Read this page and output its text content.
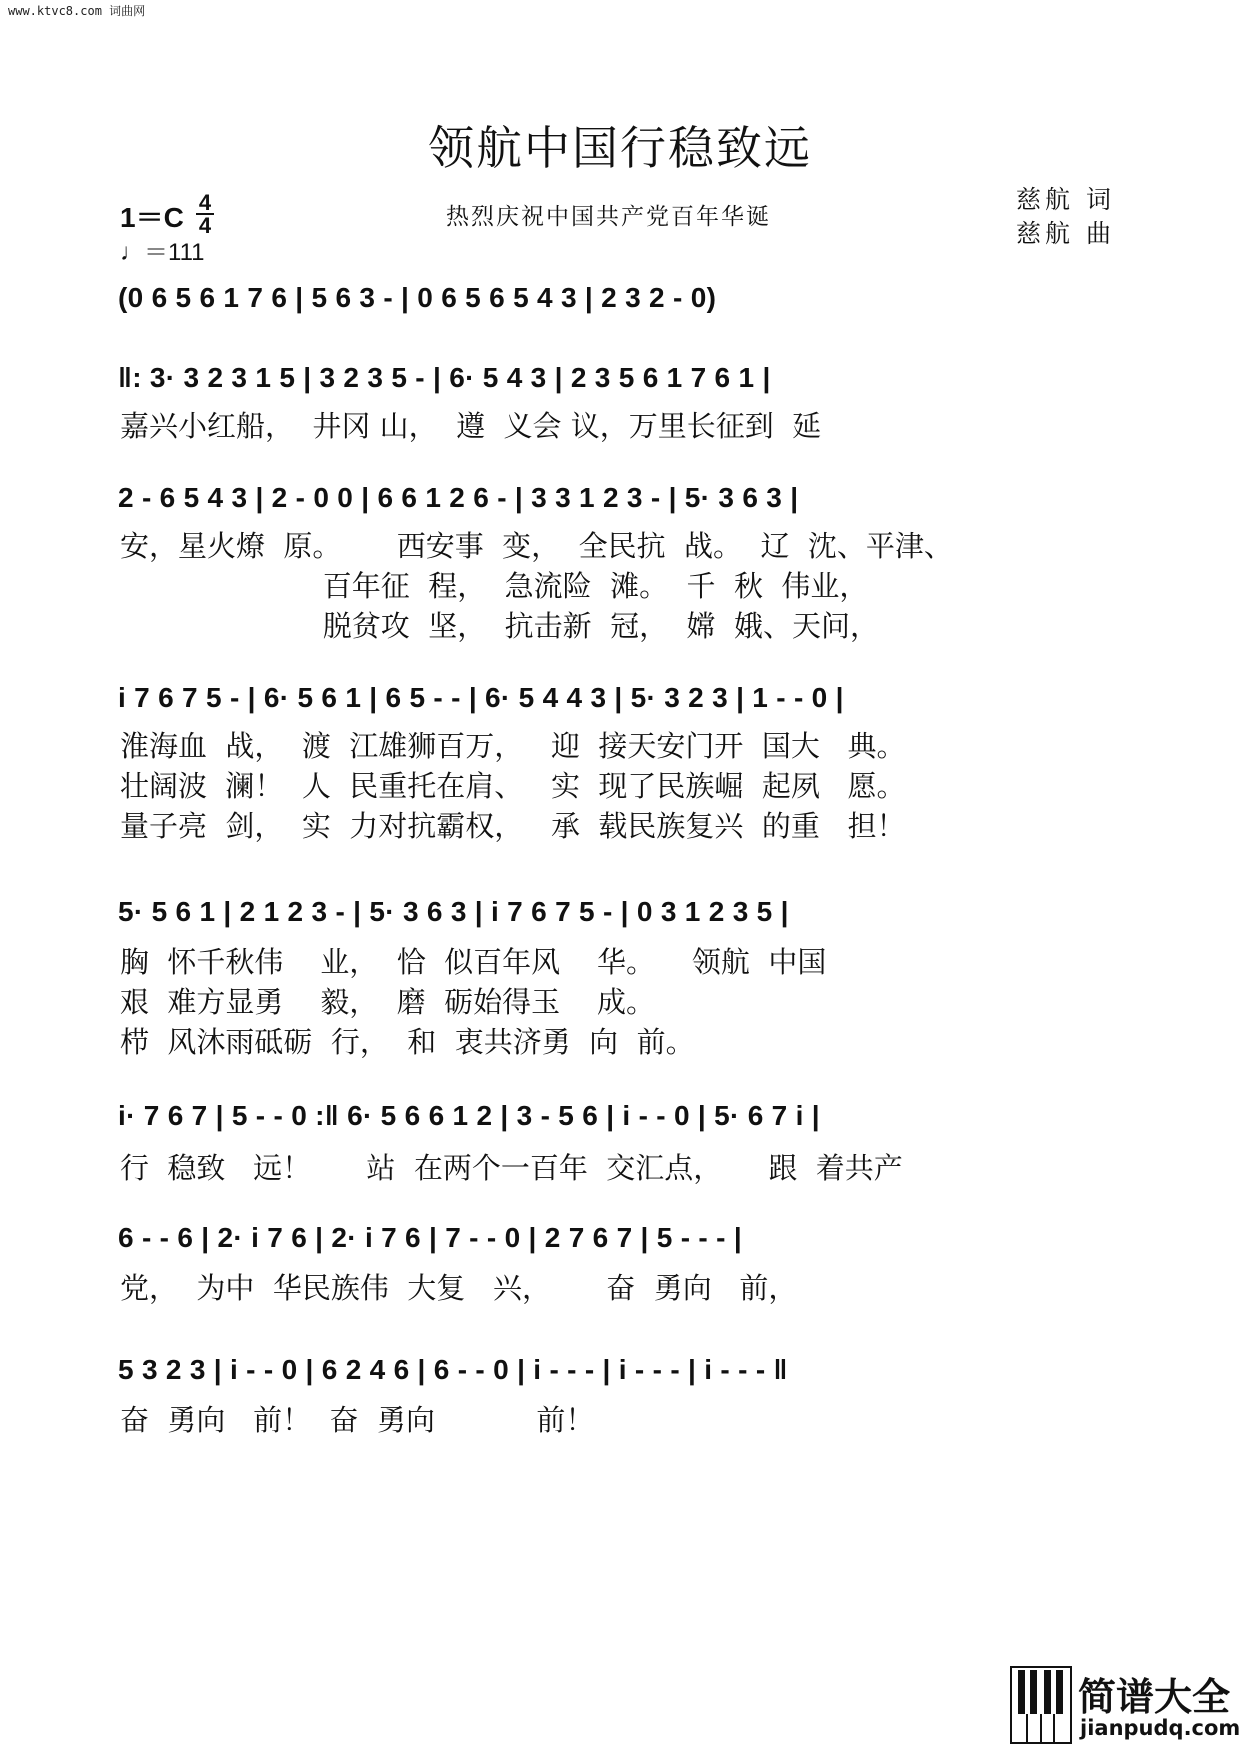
www.ktvc8.com 词曲网
领航中国行稳致远
1＝C 4
4
♩＝111
热烈庆祝中国共产党百年华诞
慈航 词
慈航 曲
(0 6 5 6 1 7 6 | 5 6 3 - | 0 6 5 6 5 4 3 | 2 3 2 - 0)
‖: 3· 3 2 3 1 5 | 3 2 3 5 - | 6· 5 4 3 | 2 3 5 6 1 7 6 1 |
嘉兴小红船，  井冈 山，  遵  义会 议，万里长征到  延
2 - 6 5 4 3 | 2 - 0 0 | 6 6 1 2 6 - | 3 3 1 2 3 - | 5· 3 6 3 |
安，星火燎  原。      西安事  变，  全民抗  战。  辽  沈、平津、
百年征  程，  急流险  滩。  千  秋  伟业，
脱贫攻  坚，  抗击新  冠，  嫦  娥、天问，
i 7 6 7 5 - | 6· 5 6 1 | 6 5 - - | 6· 5 4 4 3 | 5· 3 2 3 | 1 - - 0 |
淮海血  战，  渡  江雄狮百万，   迎  接天安门开  国大   典。
壮阔波  澜！  人  民重托在肩、   实  现了民族崛  起夙   愿。
量子亮  剑，  实  力对抗霸权，   承  载民族复兴  的重   担！
5· 5 6 1 | 2 1 2 3 - | 5· 3 6 3 | i 7 6 7 5 - | 0 3 1 2 3 5 |
胸  怀千秋伟    业，  恰  似百年风    华。    领航  中国
艰  难方显勇    毅，  磨  砺始得玉    成。
栉  风沐雨砥砺  行，  和  衷共济勇  向  前。
i· 7 6 7 | 5 - - 0 :‖ 6· 5 6 6 1 2 | 3 - 5 6 | i - - 0 | 5· 6 7 i |
行  稳致   远！      站  在两个一百年  交汇点，     跟  着共产
6 - - 6 | 2· i 7 6 | 2· i 7 6 | 7 - - 0 | 2 7 6 7 | 5 - - - |
党，  为中  华民族伟  大复   兴，      奋  勇向   前，
5 3 2 3 | i - - 0 | 6 2 4 6 | 6 - - 0 | i - - - | i - - - | i - - - ‖
奋  勇向   前！  奋  勇向           前！
简谱大全
jianpudq.com
